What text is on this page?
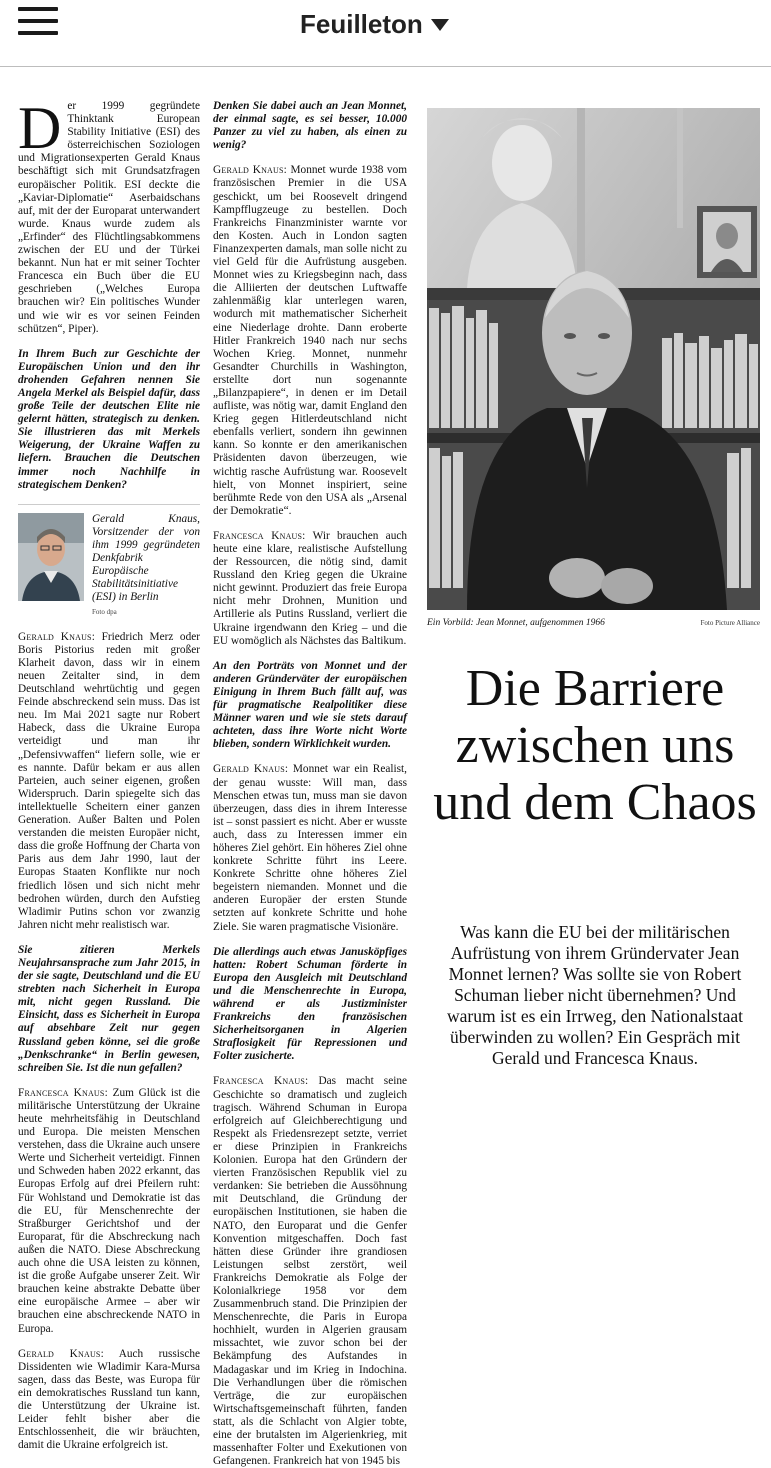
Feuilleton

D er 1999 gegründete Thinktank European Stability Initiative (ESI) des österreichischen Soziologen und Migrationsexperten Gerald Knaus beschäftigt sich mit Grundsatzfragen europäischer Politik. ESI deckte die „Kaviar-Diplomatie“ Aserbaidschans auf, mit der der Europarat unterwandert wurde. Knaus wurde zudem als „Erfinder“ des Flüchtlingsabkommens zwischen der EU und der Türkei bekannt. Nun hat er mit seiner Tochter Francesca ein Buch über die EU geschrieben („Welches Europa brauchen wir? Ein politisches Wunder und wie wir es vor seinen Feinden schützen“, Piper).

In Ihrem Buch zur Geschichte der Europäischen Union und den ihr drohenden Gefahren nennen Sie Angela Merkel als Beispiel dafür, dass große Teile der deutschen Elite nie gelernt hätten, strategisch zu denken. Sie illustrieren das mit Merkels Weigerung, der Ukraine Waffen zu liefern. Brauchen die Deutschen immer noch Nachhilfe in strategischem Denken?

Gerald Knaus, Vorsitzender der von ihm 1999 gegründeten Denkfabrik Europäische Stabilitätsinitiative (ESI) in Berlin
Foto dpa

Gerald Knaus: Friedrich Merz oder Boris Pistorius reden mit großer Klarheit davon, dass wir in einem neuen Zeitalter sind, in dem Deutschland wehrtüchtig und gegen Feinde abschreckend sein muss. Das ist neu. Im Mai 2021 sagte nur Robert Habeck, dass die Ukraine Europa verteidigt und man ihr „Defensivwaffen“ liefern solle, wie er es nannte. Dafür bekam er aus allen Parteien, auch seiner eigenen, großen Widerspruch. Darin spiegelte sich das intellektuelle Scheitern einer ganzen Generation. Außer Balten und Polen verstanden die meisten Europäer nicht, dass die große Hoffnung der Charta von Paris aus dem Jahr 1990, laut der Europas Staaten Konflikte nur noch friedlich lösen und sich nicht mehr bedrohen würden, durch den Aufstieg Wladimir Putins schon vor zwanzig Jahren nicht mehr realistisch war.

Sie zitieren Merkels Neujahrsansprache zum Jahr 2015, in der sie sagte, Deutschland und die EU strebten nach Sicherheit in Europa mit, nicht gegen Russland. Die Einsicht, dass es Sicherheit in Europa auf absehbare Zeit nur gegen Russland geben könne, sei die große „Denkschranke“ in Berlin gewesen, schreiben Sie. Ist die nun gefallen?

Francesca Knaus: Zum Glück ist die militärische Unterstützung der Ukraine heute mehrheitsfähig in Deutschland und Europa. Die meisten Menschen verstehen, dass die Ukraine auch unsere Werte und Sicherheit verteidigt. Finnen und Schweden haben 2022 erkannt, das Europas Erfolg auf drei Pfeilern ruht: Für Wohlstand und Demokratie ist das die EU, für Menschenrechte der Straßburger Gerichtshof und der Europarat, für die Abschreckung nach außen die NATO. Diese Abschreckung auch ohne die USA leisten zu können, ist die große Aufgabe unserer Zeit. Wir brauchen keine abstrakte Debatte über eine europäische Armee – aber wir brauchen eine abschreckende NATO in Europa.

Gerald Knaus: Auch russische Dissidenten wie Wladimir Kara-Mursa sagen, dass das Beste, was Europa für ein demokratisches Russland tun kann, die Unterstützung der Ukraine ist. Leider fehlt bisher aber die Entschlossenheit, die wir bräuchten, damit die Ukraine erfolgreich ist.

Denken Sie dabei auch an Jean Monnet, der einmal sagte, es sei besser, 10.000 Panzer zu viel zu haben, als einen zu wenig?

Gerald Knaus: Monnet wurde 1938 vom französischen Premier in die USA geschickt, um bei Roosevelt dringend Kampfflugzeuge zu bestellen. Doch Frankreichs Finanzminister warnte vor den Kosten. Auch in London sagten Finanzexperten damals, man solle nicht zu viel Geld für die Aufrüstung ausgeben. Monnet wies zu Kriegsbeginn nach, dass die Alliierten der deutschen Luftwaffe zahlenmäßig klar unterlegen waren, wodurch mit mathematischer Sicherheit eine Niederlage drohte. Dann eroberte Hitler Frankreich 1940 nach nur sechs Wochen Krieg. Monnet, nunmehr Gesandter Churchills in Washington, erstellte dort nun sogenannte „Bilanzpapiere“, in denen er im Detail aufliste, was nötig war, damit England den Krieg gegen Hitlerdeutschland nicht ebenfalls verliert, sondern ihn gewinnen kann. So konnte er den amerikanischen Präsidenten davon überzeugen, wie wichtig rasche Aufrüstung war. Roosevelt hielt, von Monnet inspiriert, seine berühmte Rede von den USA als „Arsenal der Demokratie“.

Francesca Knaus: Wir brauchen auch heute eine klare, realistische Aufstellung der Ressourcen, die nötig sind, damit Russland den Krieg gegen die Ukraine nicht gewinnt. Produziert das freie Europa nicht mehr Drohnen, Munition und Artillerie als Putins Russland, verliert die Ukraine irgendwann den Krieg – und die EU womöglich als Nächstes das Baltikum.

An den Porträts von Monnet und der anderen Gründerväter der europäischen Einigung in Ihrem Buch fällt auf, was für pragmatische Realpolitiker diese Männer waren und wie sie stets darauf achteten, dass ihre Worte nicht Worte blieben, sondern Wirklichkeit wurden.

Gerald Knaus: Monnet war ein Realist, der genau wusste: Will man, dass Menschen etwas tun, muss man sie davon überzeugen, dass dies in ihrem Interesse ist – sonst passiert es nicht. Aber er wusste auch, dass zu Interessen immer ein höheres Ziel gehört. Ein höheres Ziel ohne konkrete Schritte führt ins Leere. Konkrete Schritte ohne höheres Ziel begeistern niemanden. Monnet und die anderen Europäer der ersten Stunde setzten auf konkrete Schritte und hohe Ziele. Sie waren pragmatische Visionäre.

Die allerdings auch etwas Janusköpfiges hatten: Robert Schuman förderte in Europa den Ausgleich mit Deutschland und die Menschenrechte in Europa, während er als Justizminister Frankreichs den französischen Sicherheitsorganen in Algerien Straflosigkeit für Repressionen und Folter zusicherte.

Francesca Knaus: Das macht seine Geschichte so dramatisch und zugleich tragisch. Während Schuman in Europa erfolgreich auf Gleichberechtigung und Respekt als Friedensrezept setzte, verriet er diese Prinzipien in Frankreichs Kolonien. Europa hat den Gründern der vierten Französischen Republik viel zu verdanken: Sie betrieben die Aussöhnung mit Deutschland, die Gründung der europäischen Institutionen, sie haben die NATO, den Europarat und die Genfer Konvention mitgeschaffen. Doch fast hätten diese Gründer ihre grandiosen Leistungen selbst zerstört, weil Frankreichs Demokratie als Folge der Kolonialkriege 1958 vor dem Zusammenbruch stand. Die Prinzipien der Menschenrechte, die Paris in Europa hochhielt, wurden in Algerien grausam missachtet, wie zuvor schon bei der Bekämpfung des Aufstandes in Madagaskar und im Krieg in Indochina. Die Verhandlungen über die römischen Verträge, die zur europäischen Wirtschaftsgemeinschaft führten, fanden statt, als die Schlacht von Algier tobte, eine der brutalsten im Algerienkrieg, mit massenhafter Folter und Exekutionen von Gefangenen. Frankreich hat von 1945 bis

Ein Vorbild: Jean Monnet, aufgenommen 1966	Foto Picture Alliance
Die Barriere zwischen uns und dem Chaos
Was kann die EU bei der militärischen Aufrüstung von ihrem Gründervater Jean Monnet lernen? Was sollte sie von Robert Schuman lieber nicht übernehmen? Und warum ist es ein Irrweg, den Nationalstaat überwinden zu wollen? Ein Gespräch mit Gerald und Francesca Knaus.
